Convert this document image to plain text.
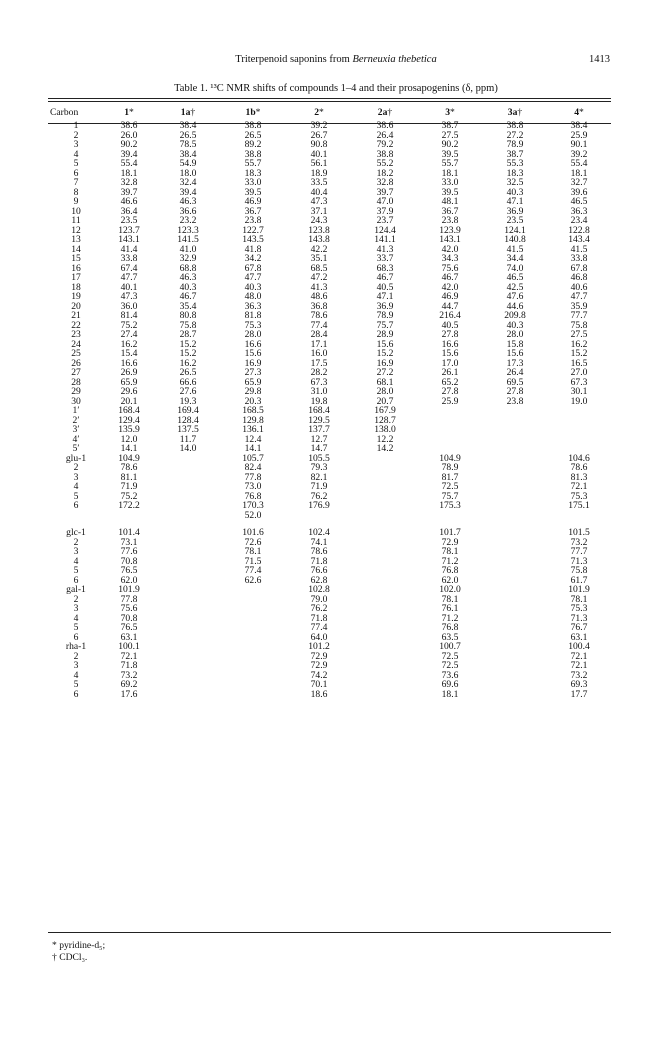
Triterpenoid saponins from Berneuxia thebetica	1413
Table 1. ¹³C NMR shifts of compounds 1–4 and their prosapogenins (δ, ppm)
Carbon	1*	1a†	1b*	2*	2a†	3*	3a†	4*
1	38.6	38.4	38.8	39.2	38.6	38.7	38.8	38.4
2	26.0	26.5	26.5	26.7	26.4	27.5	27.2	25.9
3	90.2	78.5	89.2	90.8	79.2	90.2	78.9	90.1
4	39.4	38.4	38.8	40.1	38.8	39.5	38.7	39.2
5	55.4	54.9	55.7	56.1	55.2	55.7	55.3	55.4
6	18.1	18.0	18.3	18.9	18.2	18.1	18.3	18.1
7	32.8	32.4	33.0	33.5	32.8	33.0	32.5	32.7
8	39.7	39.4	39.5	40.4	39.7	39.5	40.3	39.6
9	46.6	46.3	46.9	47.3	47.0	48.1	47.1	46.5
10	36.4	36.6	36.7	37.1	37.9	36.7	36.9	36.3
11	23.5	23.2	23.8	24.3	23.7	23.8	23.5	23.4
12	123.7	123.3	122.7	123.8	124.4	123.9	124.1	122.8
13	143.1	141.5	143.5	143.8	141.1	143.1	140.8	143.4
14	41.4	41.0	41.8	42.2	41.3	42.0	41.5	41.5
15	33.8	32.9	34.2	35.1	33.7	34.3	34.4	33.8
16	67.4	68.8	67.8	68.5	68.3	75.6	74.0	67.8
17	47.7	46.3	47.7	47.2	46.7	46.7	46.5	46.8
18	40.1	40.3	40.3	41.3	40.5	42.0	42.5	40.6
19	47.3	46.7	48.0	48.6	47.1	46.9	47.6	47.7
20	36.0	35.4	36.3	36.8	36.9	44.7	44.6	35.9
21	81.4	80.8	81.8	78.6	78.9	216.4	209.8	77.7
22	75.2	75.8	75.3	77.4	75.7	40.5	40.3	75.8
23	27.4	28.7	28.0	28.4	28.9	27.8	28.0	27.5
24	16.2	15.2	16.6	17.1	15.6	16.6	15.8	16.2
25	15.4	15.2	15.6	16.0	15.2	15.6	15.6	15.2
26	16.6	16.2	16.9	17.5	16.9	17.0	17.3	16.5
27	26.9	26.5	27.3	28.2	27.2	26.1	26.4	27.0
28	65.9	66.6	65.9	67.3	68.1	65.2	69.5	67.3
29	29.6	27.6	29.8	31.0	28.0	27.8	27.8	30.1
30	20.1	19.3	20.3	19.8	20.7	25.9	23.8	19.0
1′	168.4	169.4	168.5	168.4	167.9			
2′	129.4	128.4	129.8	129.5	128.7			
3′	135.9	137.5	136.1	137.7	138.0			
4′	12.0	11.7	12.4	12.7	12.2			
5′	14.1	14.0	14.1	14.7	14.2			
glu-1	104.9		105.7	105.5		104.9		104.6
2	78.6		82.4	79.3		78.9		78.6
3	81.1		77.8	82.1		81.7		81.3
4	71.9		73.0	71.9		72.5		72.1
5	75.2		76.8	76.2		75.7		75.3
6	172.2		170.3	176.9		175.3		175.1
			52.0					

glc-1	101.4		101.6	102.4		101.7		101.5
2	73.1		72.6	74.1		72.9		73.2
3	77.6		78.1	78.6		78.1		77.7
4	70.8		71.5	71.8		71.2		71.3
5	76.5		77.4	76.6		76.8		75.8
6	62.0		62.6	62.8		62.0		61.7
gal-1	101.9			102.8		102.0		101.9
2	77.8			79.0		78.1		78.1
3	75.6			76.2		76.1		75.3
4	70.8			71.8		71.2		71.3
5	76.5			77.4		76.8		76.7
6	63.1			64.0		63.5		63.1
rha-1	100.1			101.2		100.7		100.4
2	72.1			72.9		72.5		72.1
3	71.8			72.9		72.5		72.1
4	73.2			74.2		73.6		73.2
5	69.2			70.1		69.6		69.3
6	17.6			18.6		18.1		17.7
* pyridine-d₅;
† CDCl₃.
